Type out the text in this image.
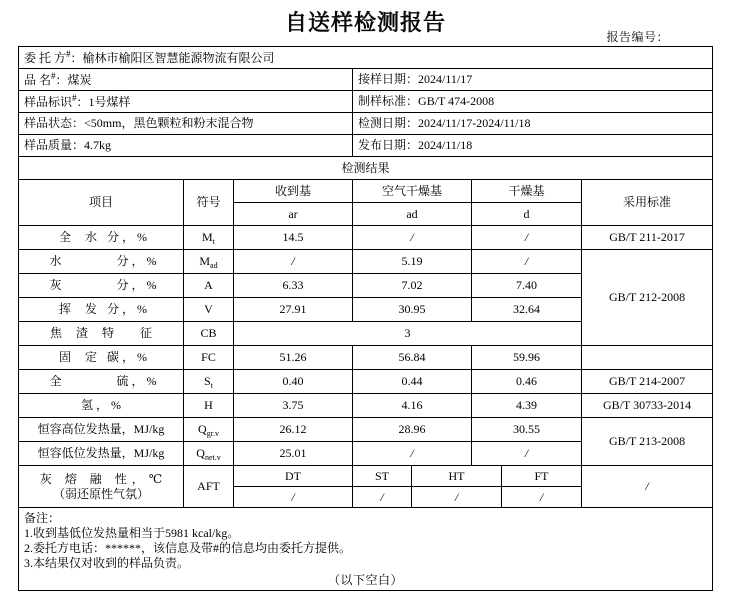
自送样检测报告
报告编号：
委 托 方#：榆林市榆阳区智慧能源物流有限公司							
品 名#：煤炭			接样日期：2024/11/17				
样品标识#：1号煤样			制样标准：GB/T 474-2008				
样品状态：<50mm，黑色颗粒和粉末混合物			检测日期：2024/11/17-2024/11/18				
样品质量：4.7kg			发布日期：2024/11/18				
检测结果							
项目	符号	收到基	空气干燥基		干燥基		采用标准
		ar	ad		d		
全 水 分，%	$M_t$	14.5	/		/		GB/T 211-2017
水　　 分，%	$M_{ad}$	/	5.19		/		GB/T 212-2008
灰　　 分，%	A	6.33	7.02		7.40		
挥 发 分，%	V	27.91	30.95		32.64		
焦 渣 特　征	CB	3					
固 定 碳，%	FC	51.26	56.84		59.96		
全　　 硫，%	$S_t$	0.40	0.44		0.46		GB/T 214-2007
氢，%	H	3.75	4.16		4.39		GB/T 30733-2014
恒容高位发热量，MJ/kg	$Q_{gr.v}$	26.12	28.96		30.55		GB/T 213-2008
恒容低位发热量，MJ/kg	$Q_{net.v}$	25.01	/		/		

灰 熔 融 性，℃
（弱还原性气氛）	AFT	DT	ST	HT		FT	/
		/	/	/		/	

备注：
1.收到基低位发热量相当于5981 kcal/kg。
2.委托方电话：******，该信息及带#的信息均由委托方提供。
3.本结果仅对收到的样品负责。
（以下空白）							
